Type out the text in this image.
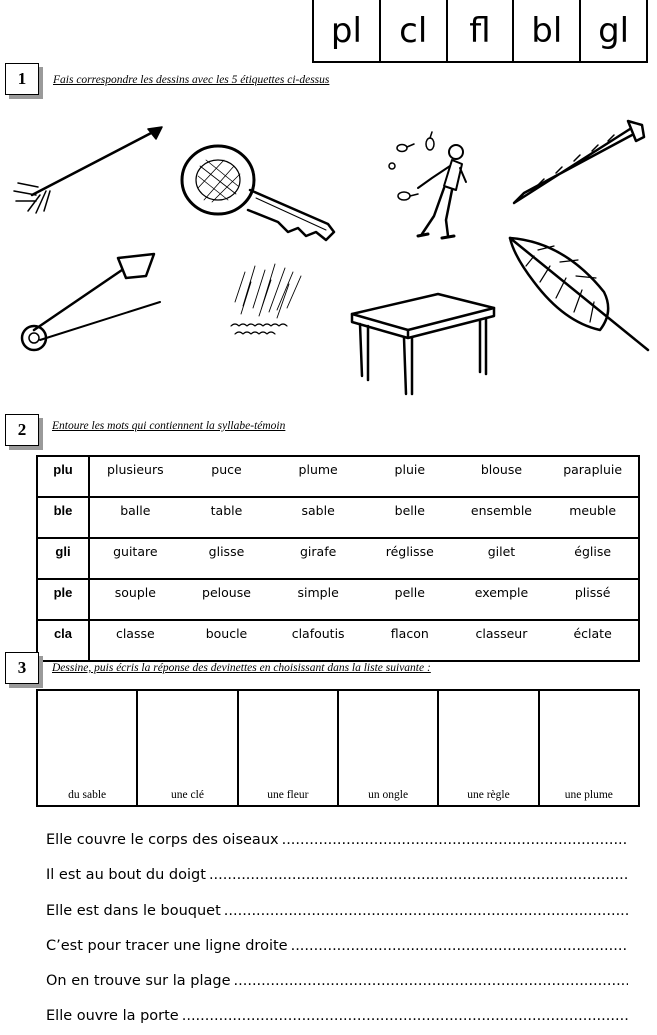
pl	cl	fl	bl	gl
1	Fais correspondre les dessins avec les 5 étiquettes ci-dessus
2	Entoure les mots qui contiennent la syllabe-témoin
plu	plusieurs	puce	plume	pluie	blouse	parapluie
ble	balle	table	sable	belle	ensemble	meuble
gli	guitare	glisse	girafe	réglisse	gilet	église
ple	souple	pelouse	simple	pelle	exemple	plissé
cla	classe	boucle	clafoutis	flacon	classeur	éclate
3	Dessine, puis écris la réponse des devinettes en choisissant dans la liste suivante :
du sable	une clé	une fleur	un ongle	une règle	une plume
Elle couvre le corps des oiseaux
.....
Il est au bout du doigt
.....
Elle est dans le bouquet
.....
C’est pour tracer une ligne droite
.....
On en trouve sur la plage
.....
Elle ouvre la porte
.....
